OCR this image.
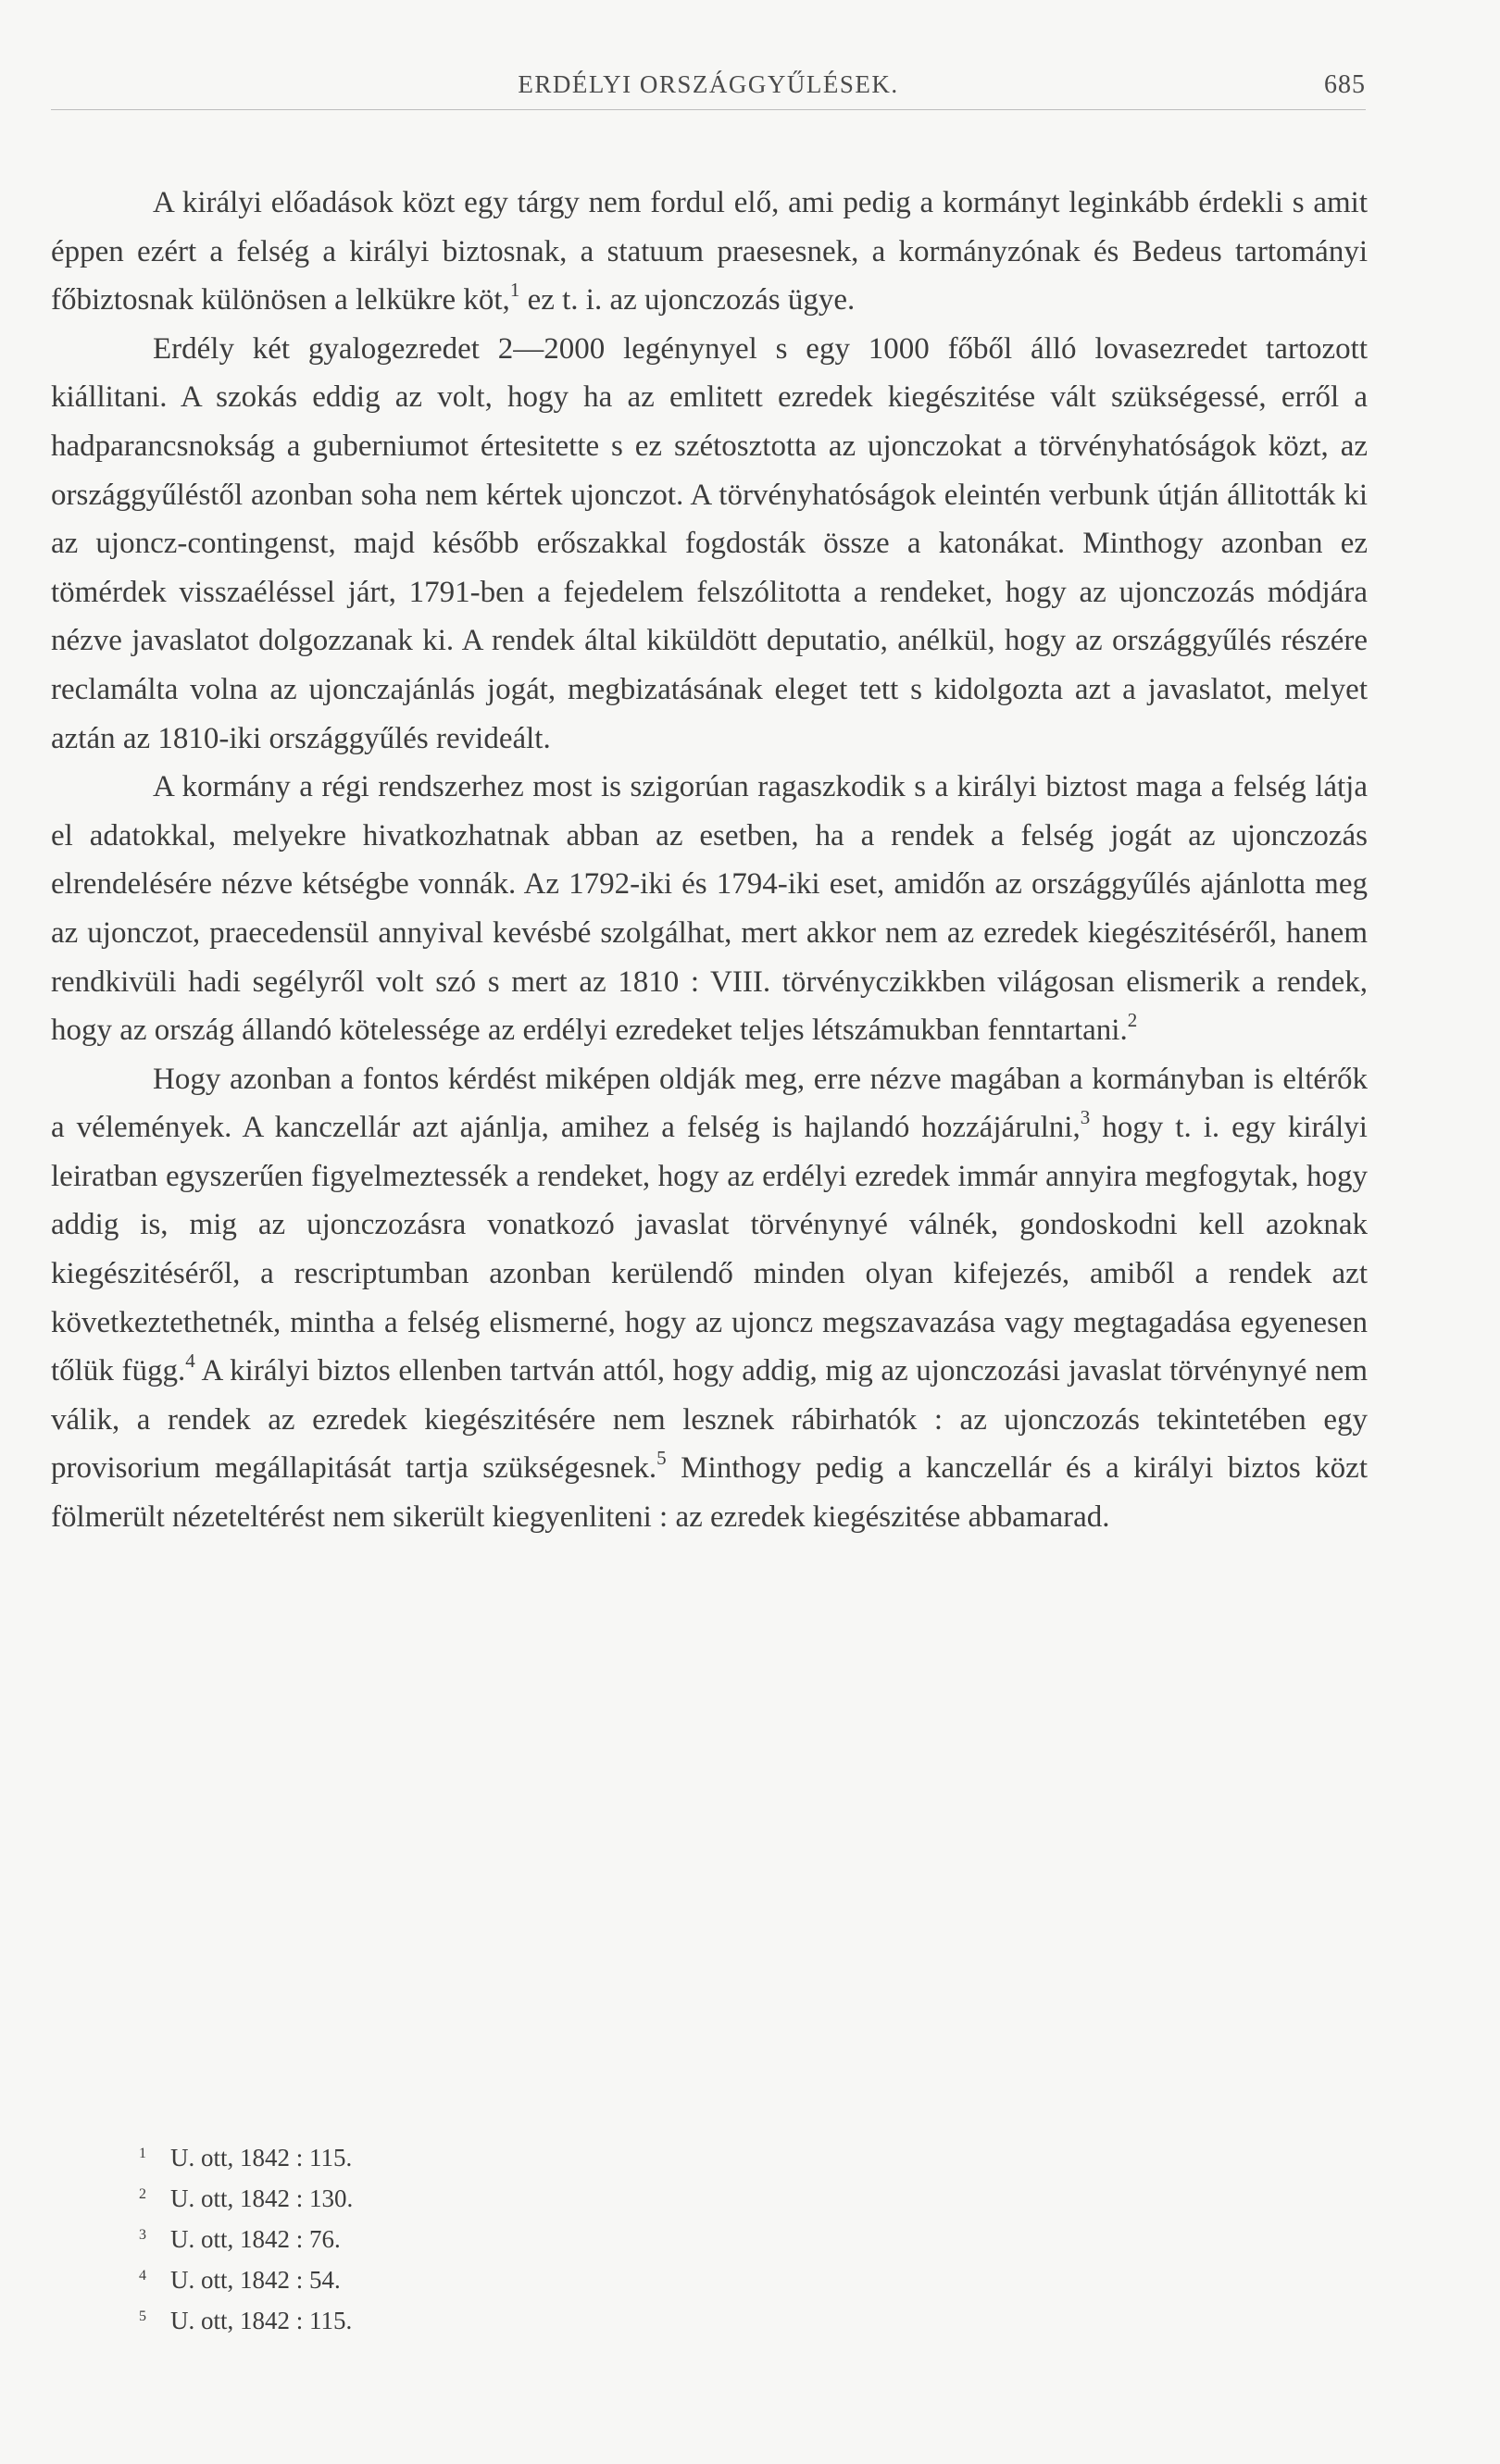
ERDÉLYI ORSZÁGGYŰLÉSEK.	685

A királyi előadások közt egy tárgy nem fordul elő, ami pedig a kormányt leginkább érdekli s amit éppen ezért a felség a királyi biztosnak, a statuum praesesnek, a kormányzónak és Bedeus tartományi főbiztosnak különösen a lelkükre köt,$^1$ ez t. i. az ujonczozás ügye.

Erdély két gyalogezredet 2—2000 legénynyel s egy 1000 főből álló lovasezredet tartozott kiállitani. A szokás eddig az volt, hogy ha az emlitett ezredek kiegészitése vált szükségessé, erről a hadparancsnokság a guberniumot értesitette s ez szétosztotta az ujonczokat a törvényhatóságok közt, az országgyűléstől azonban soha nem kértek ujonczot. A törvényhatóságok eleintén verbunk útján állitották ki az ujoncz-contingenst, majd később erőszakkal fogdosták össze a katonákat. Minthogy azonban ez tömérdek visszaéléssel járt, 1791-ben a fejedelem felszólitotta a rendeket, hogy az ujonczozás módjára nézve javaslatot dolgozzanak ki. A rendek által kiküldött deputatio, anélkül, hogy az országgyűlés részére reclamálta volna az ujonczajánlás jogát, megbizatásának eleget tett s kidolgozta azt a javaslatot, melyet aztán az 1810-iki országgyűlés revideált.

A kormány a régi rendszerhez most is szigorúan ragaszkodik s a királyi biztost maga a felség látja el adatokkal, melyekre hivatkozhatnak abban az esetben, ha a rendek a felség jogát az ujonczozás elrendelésére nézve kétségbe vonnák. Az 1792-iki és 1794-iki eset, amidőn az országgyűlés ajánlotta meg az ujonczot, praecedensül annyival kevésbé szolgálhat, mert akkor nem az ezredek kiegészitéséről, hanem rendkivüli hadi segélyről volt szó s mert az 1810 : VIII. törvényczikkben világosan elismerik a rendek, hogy az ország állandó kötelessége az erdélyi ezredeket teljes létszámukban fenntartani.$^2$

Hogy azonban a fontos kérdést miképen oldják meg, erre nézve magában a kormányban is eltérők a vélemények. A kanczellár azt ajánlja, amihez a felség is hajlandó hozzájárulni,$^3$ hogy t. i. egy királyi leiratban egyszerűen figyelmeztessék a rendeket, hogy az erdélyi ezredek immár annyira megfogytak, hogy addig is, mig az ujonczozásra vonatkozó javaslat törvénynyé válnék, gondoskodni kell azoknak kiegészitéséről, a rescriptumban azonban kerülendő minden olyan kifejezés, amiből a rendek azt következtethetnék, mintha a felség elismerné, hogy az ujoncz megszavazása vagy megtagadása egyenesen tőlük függ.$^4$ A királyi biztos ellenben tartván attól, hogy addig, mig az ujonczozási javaslat törvénynyé nem válik, a rendek az ezredek kiegészitésére nem lesznek rábirhatók : az ujonczozás tekintetében egy provisorium megállapitását tartja szükségesnek.$^5$ Minthogy pedig a kanczellár és a királyi biztos közt fölmerült nézeteltérést nem sikerült kiegyenliteni : az ezredek kiegészitése abbamarad.

1 U. ott, 1842 : 115.
2 U. ott, 1842 : 130.
3 U. ott, 1842 : 76.
4 U. ott, 1842 : 54.
5 U. ott, 1842 : 115.
